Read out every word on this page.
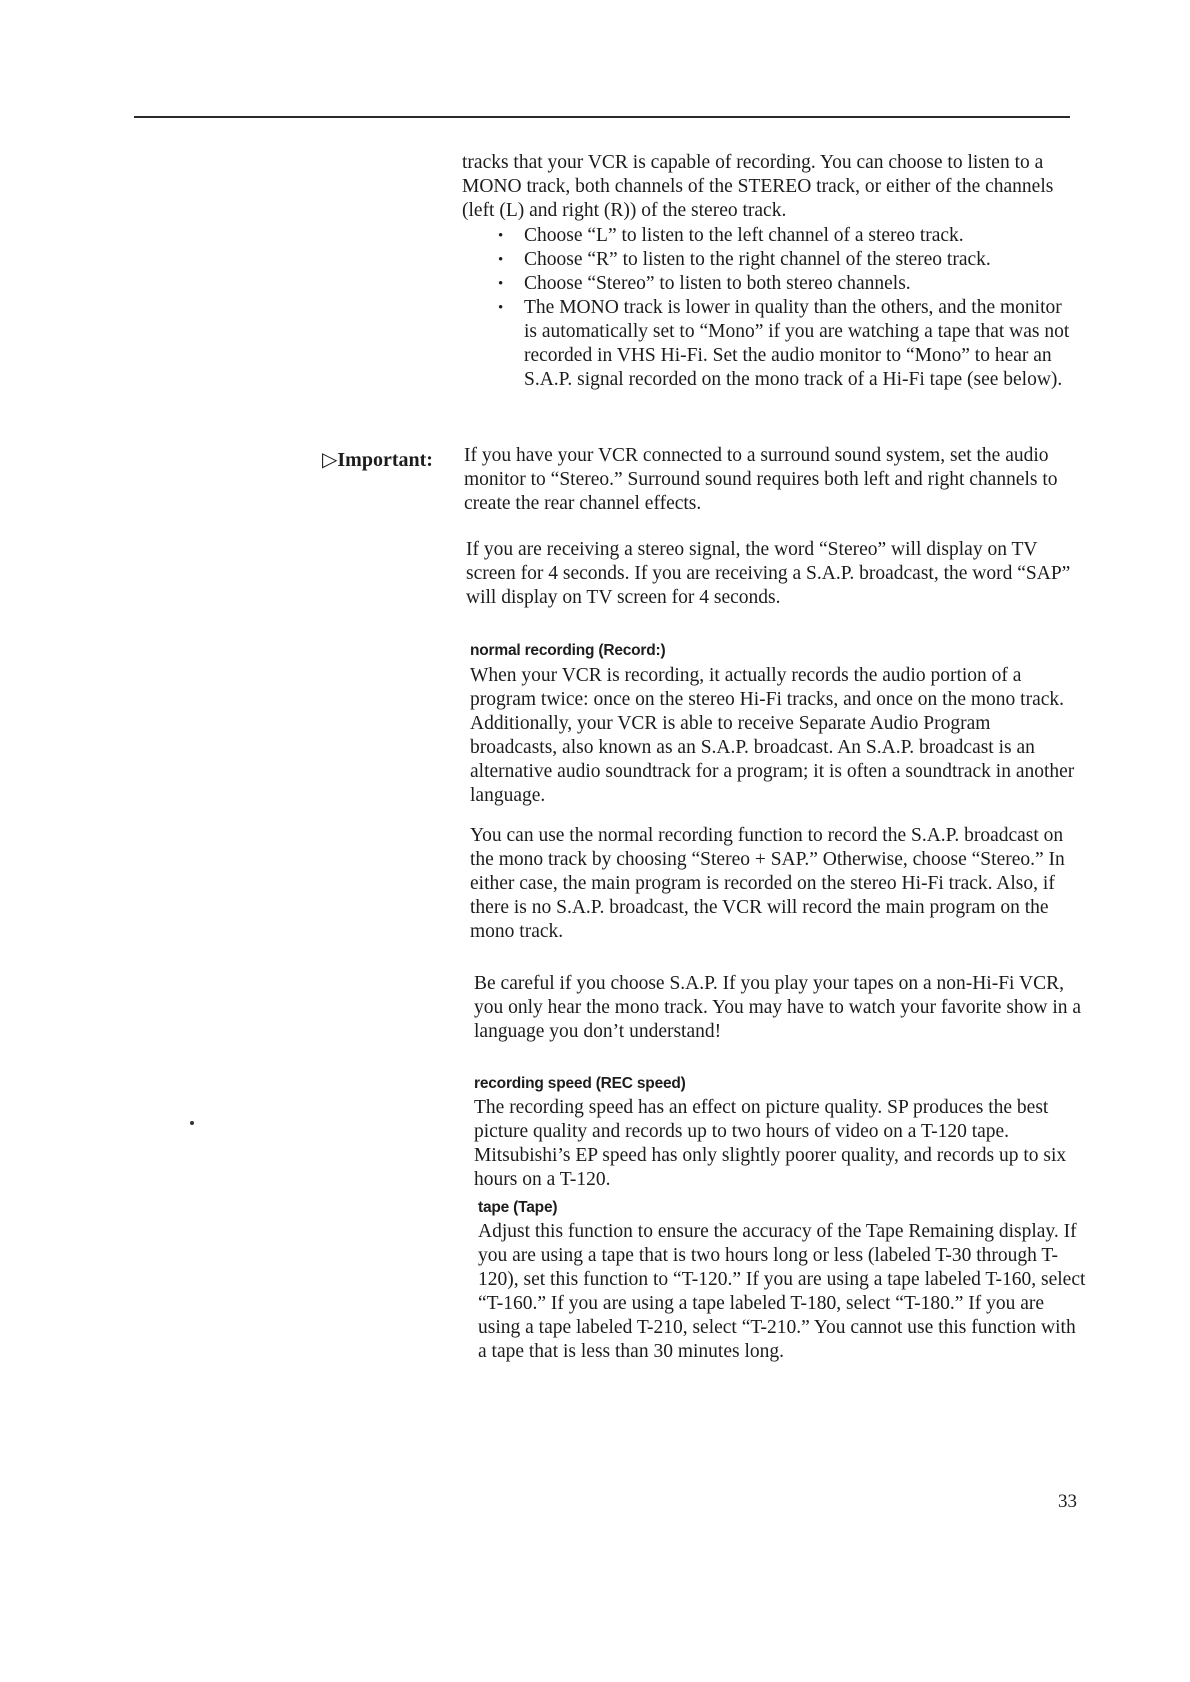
tracks that your VCR is capable of recording. You can choose to listen to a MONO track, both channels of the STEREO track, or either of the channels (left (L) and right (R)) of the stereo track.

• Choose “L” to listen to the left channel of a stereo track.
• Choose “R” to listen to the right channel of the stereo track.
• Choose “Stereo” to listen to both stereo channels.
• The MONO track is lower in quality than the others, and the monitor is automatically set to “Mono” if you are watching a tape that was not recorded in VHS Hi-Fi. Set the audio monitor to “Mono” to hear an S.A.P. signal recorded on the mono track of a Hi-Fi tape (see below).
▷Important: If you have your VCR connected to a surround sound system, set the audio monitor to “Stereo.” Surround sound requires both left and right channels to create the rear channel effects.

If you are receiving a stereo signal, the word “Stereo” will display on TV screen for 4 seconds. If you are receiving a S.A.P. broadcast, the word “SAP” will display on TV screen for 4 seconds.

normal recording (Record:)

When your VCR is recording, it actually records the audio portion of a program twice: once on the stereo Hi-Fi tracks, and once on the mono track. Additionally, your VCR is able to receive Separate Audio Program broadcasts, also known as an S.A.P. broadcast. An S.A.P. broadcast is an alternative audio soundtrack for a program; it is often a soundtrack in another language.

You can use the normal recording function to record the S.A.P. broadcast on the mono track by choosing “Stereo + SAP.” Otherwise, choose “Stereo.” In either case, the main program is recorded on the stereo Hi-Fi track. Also, if there is no S.A.P. broadcast, the VCR will record the main program on the mono track.

Be careful if you choose S.A.P. If you play your tapes on a non-Hi-Fi VCR, you only hear the mono track. You may have to watch your favorite show in a language you don’t understand!

recording speed (REC speed)

The recording speed has an effect on picture quality. SP produces the best picture quality and records up to two hours of video on a T-120 tape. Mitsubishi’s EP speed has only slightly poorer quality, and records up to six hours on a T-120.

tape (Tape)

Adjust this function to ensure the accuracy of the Tape Remaining display. If you are using a tape that is two hours long or less (labeled T-30 through T-120), set this function to “T-120.” If you are using a tape labeled T-160, select “T-160.” If you are using a tape labeled T-180, select “T-180.” If you are using a tape labeled T-210, select “T-210.” You cannot use this function with a tape that is less than 30 minutes long.

33
